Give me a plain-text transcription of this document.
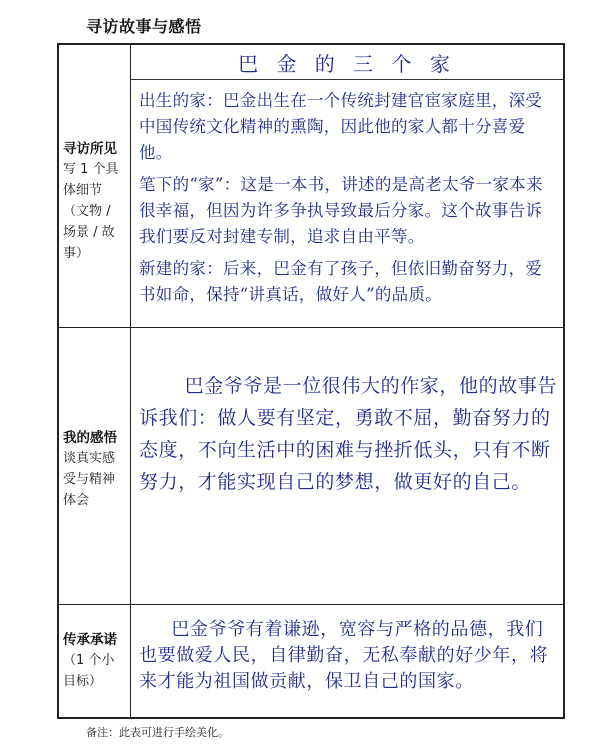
寻访故事与感悟
寻访所见
写 1 个具体细节（文物 / 场景 / 故事）
巴 金 的 三 个 家

出生的家：巴金出生在一个传统封建官宦家庭里，深受中国传统文化精神的熏陶，因此他的家人都十分喜爱他。

笔下的“家”：这是一本书，讲述的是高老太爷一家本来很幸福，但因为许多争执导致最后分家。这个故事告诉我们要反对封建专制，追求自由平等。

新建的家：后来，巴金有了孩子，但依旧勤奋努力，爱书如命，保持“讲真话，做好人”的品质。

我的感悟
谈真实感受与精神体会

巴金爷爷是一位很伟大的作家，他的故事告诉我们：做人要有坚定，勇敢不屈，勤奋努力的态度，不向生活中的困难与挫折低头，只有不断努力，才能实现自己的梦想，做更好的自己。

传承承诺
（1 个小目标）

巴金爷爷有着谦逊，宽容与严格的品德，我们也要做爱人民，自律勤奋，无私奉献的好少年，将来才能为祖国做贡献，保卫自己的国家。

备注：此表可进行手绘美化。
